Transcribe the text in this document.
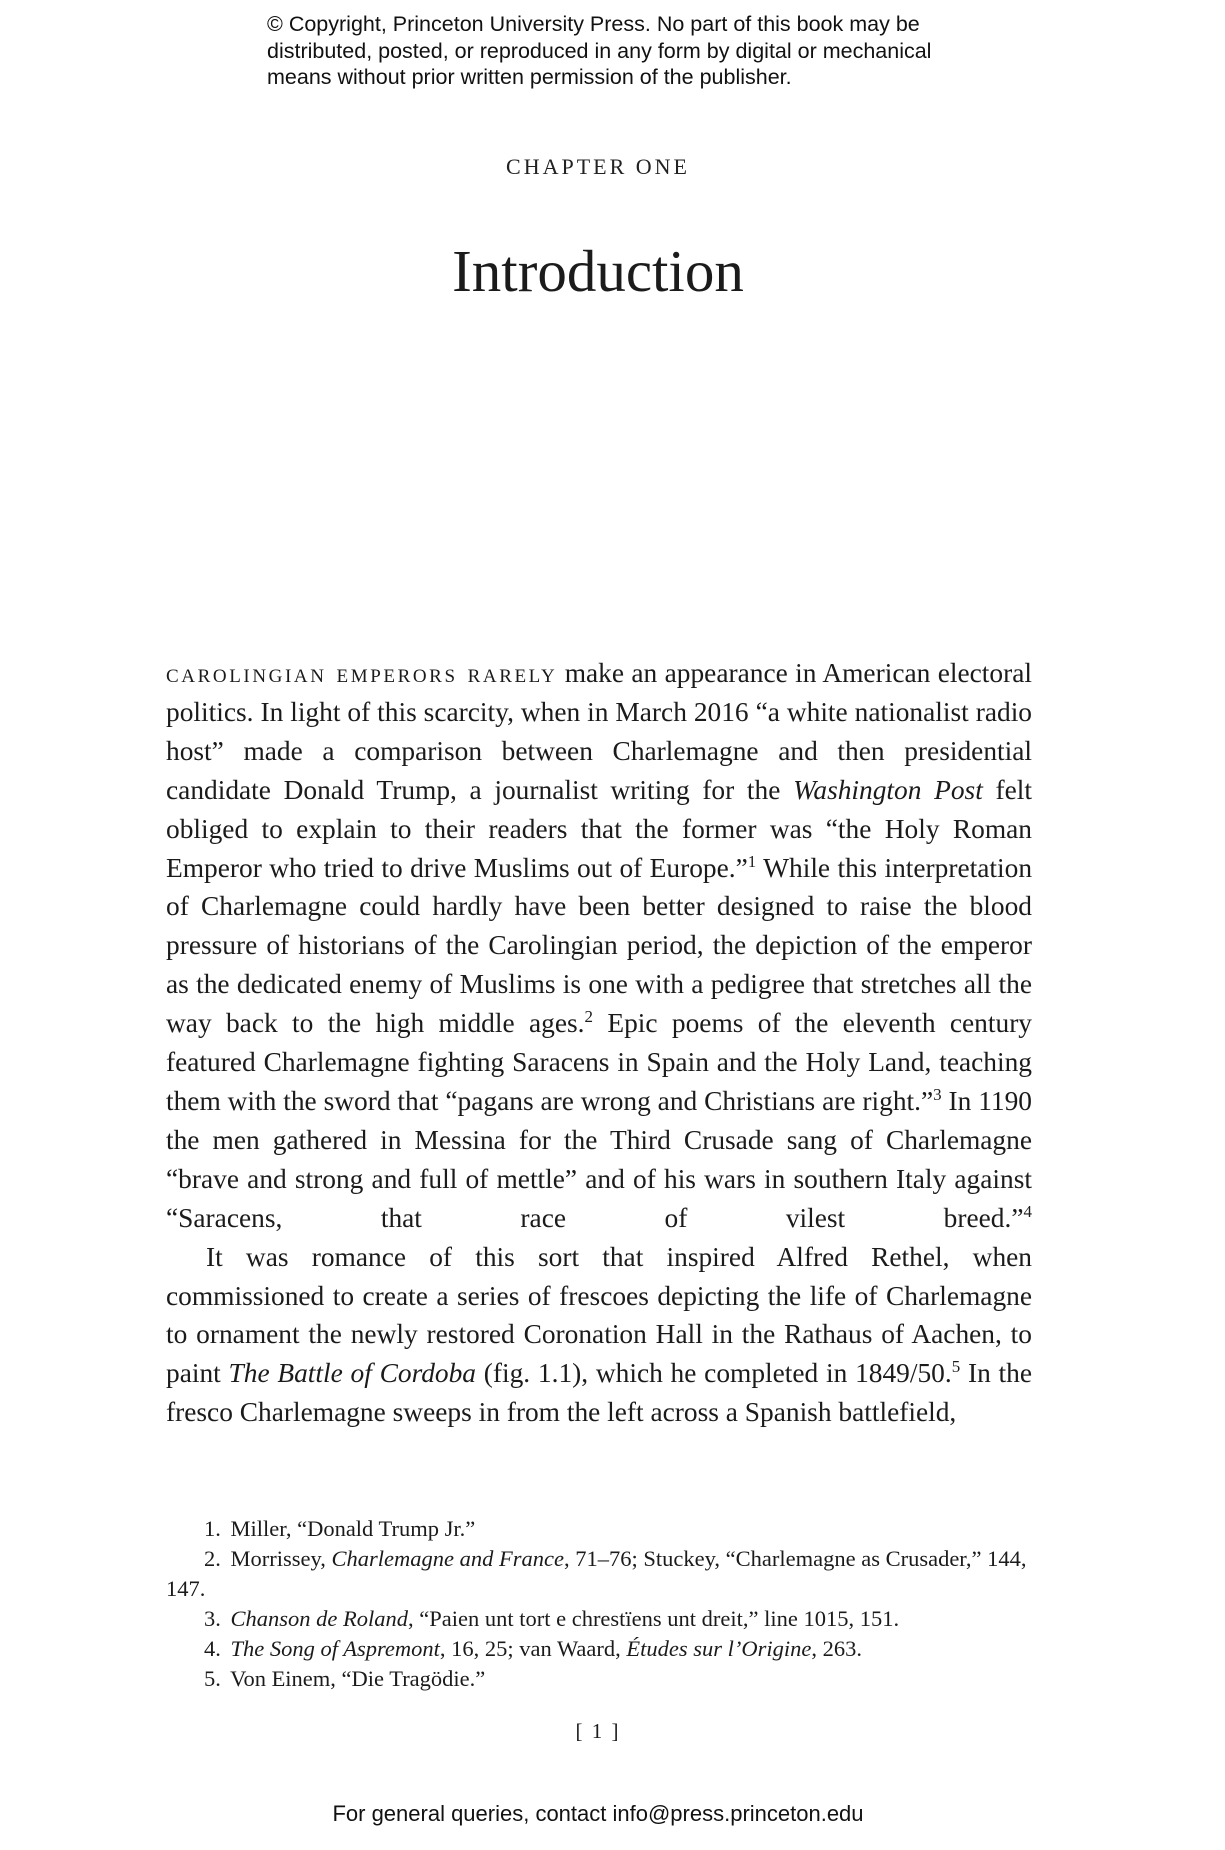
© Copyright, Princeton University Press. No part of this book may be
distributed, posted, or reproduced in any form by digital or mechanical
means without prior written permission of the publisher.
CHAPTER ONE
Introduction

carolingian emperors rarely make an appearance in American electoral politics. In light of this scarcity, when in March 2016 “a white nationalist radio host” made a comparison between Charlemagne and then presidential candidate Donald Trump, a journalist writing for the Washington Post felt obliged to explain to their readers that the former was “the Holy Roman Emperor who tried to drive Muslims out of Europe.”$^1$ While this interpretation of Charlemagne could hardly have been better designed to raise the blood pressure of historians of the Carolingian period, the depiction of the emperor as the dedicated enemy of Muslims is one with a pedigree that stretches all the way back to the high middle ages.$^2$ Epic poems of the eleventh century featured Charlemagne fighting Saracens in Spain and the Holy Land, teaching them with the sword that “pagans are wrong and Christians are right.”$^3$ In 1190 the men gathered in Messina for the Third Crusade sang of Charlemagne “brave and strong and full of mettle” and of his wars in southern Italy against “Saracens, that race of vilest breed.”$^4$

It was romance of this sort that inspired Alfred Rethel, when commissioned to create a series of frescoes depicting the life of Charlemagne to ornament the newly restored Coronation Hall in the Rathaus of Aachen, to paint The Battle of Cordoba (fig. 1.1), which he completed in 1849/50.$^5$ In the fresco Charlemagne sweeps in from the left across a Spanish battlefield,

1. Miller, “Donald Trump Jr.”

2. Morrissey, Charlemagne and France, 71–76; Stuckey, “Charlemagne as Crusader,” 144, 147.

3. Chanson de Roland, “Paien unt tort e chrestïens unt dreit,” line 1015, 151.

4. The Song of Aspremont, 16, 25; van Waard, Études sur l’Origine, 263.

5. Von Einem, “Die Tragödie.”

[ 1 ]
For general queries, contact info@press.princeton.edu
